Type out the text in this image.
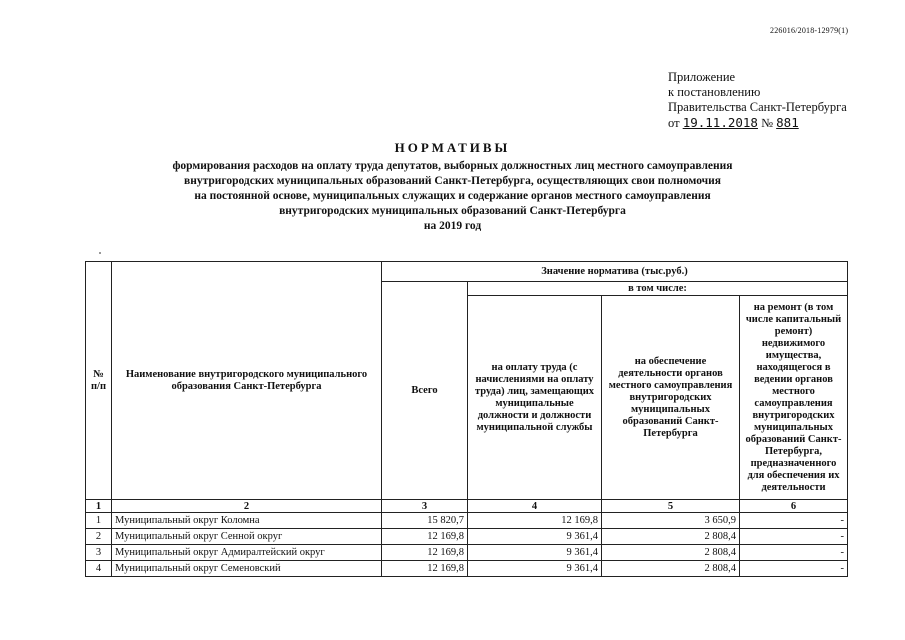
226016/2018-12979(1)
Приложение
к постановлению
Правительства Санкт-Петербурга
от 19.11.2018 № 881
НОРМАТИВЫ
формирования расходов на оплату труда депутатов, выборных должностных лиц местного самоуправления
внутригородских муниципальных образований Санкт-Петербурга, осуществляющих свои полномочия
на постоянной основе, муниципальных служащих и содержание органов местного самоуправления
внутригородских муниципальных образований Санкт-Петербурга
на 2019 год
№ п/п	Наименование внутригородского муниципального образования Санкт-Петербурга	Значение норматива (тыс.руб.)			
		Всего	в том числе:		
			на оплату труда (с начислениями на оплату труда) лиц, замещающих муниципальные должности и должности муниципальной службы	на обеспечение деятельности органов местного самоуправления внутригородских муниципальных образований Санкт-Петербурга	на ремонт (в том числе капитальный ремонт) недвижимого имущества, находящегося в ведении органов местного самоуправления внутригородских муниципальных образований Санкт-Петербурга, предназначенного для обеспечения их деятельности
1	2	3	4	5	6
1	Муниципальный округ Коломна	15 820,7	12 169,8	3 650,9	-
2	Муниципальный округ Сенной округ	12 169,8	9 361,4	2 808,4	-
3	Муниципальный округ Адмиралтейский округ	12 169,8	9 361,4	2 808,4	-
4	Муниципальный округ Семеновский	12 169,8	9 361,4	2 808,4	-
